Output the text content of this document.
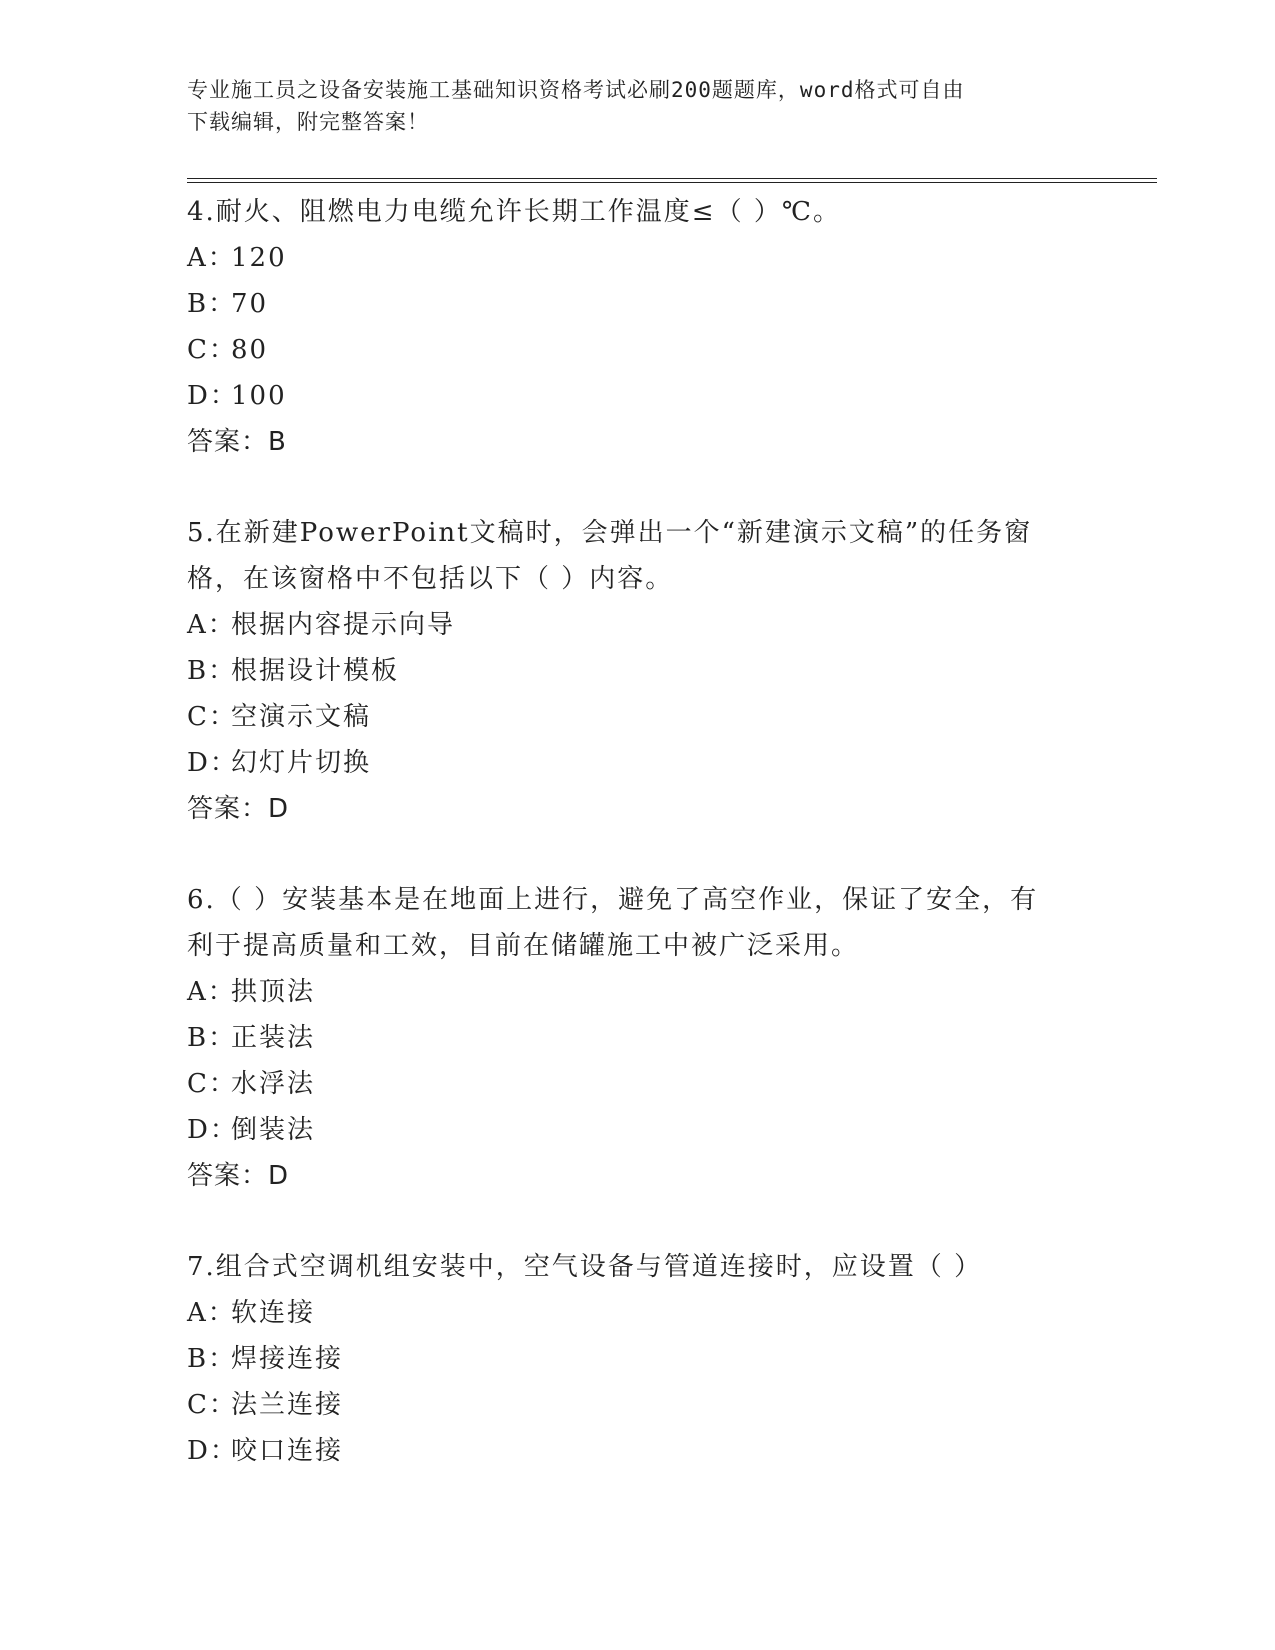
专业施工员之设备安装施工基础知识资格考试必刷200题题库，word格式可自由
下载编辑，附完整答案！
4.耐火、阻燃电力电缆允许长期工作温度≤（ ）℃。
A：
120
B：
70
C：
80
D：
100
答案：B
5.在新建PowerPoint文稿时，会弹出一个“新建演示文稿”的任务窗
格，在该窗格中不包括以下（ ）内容。
A：
根据内容提示向导
B：
根据设计模板
C：
空演示文稿
D：
幻灯片切换
答案：D
6.（ ）安装基本是在地面上进行，避免了高空作业，保证了安全，有
利于提高质量和工效，目前在储罐施工中被广泛采用。
A：
拱顶法
B：
正装法
C：
水浮法
D：
倒装法
答案：D
7.组合式空调机组安装中，空气设备与管道连接时，应设置（ ）
A：
软连接
B：
焊接连接
C：
法兰连接
D：
咬口连接
